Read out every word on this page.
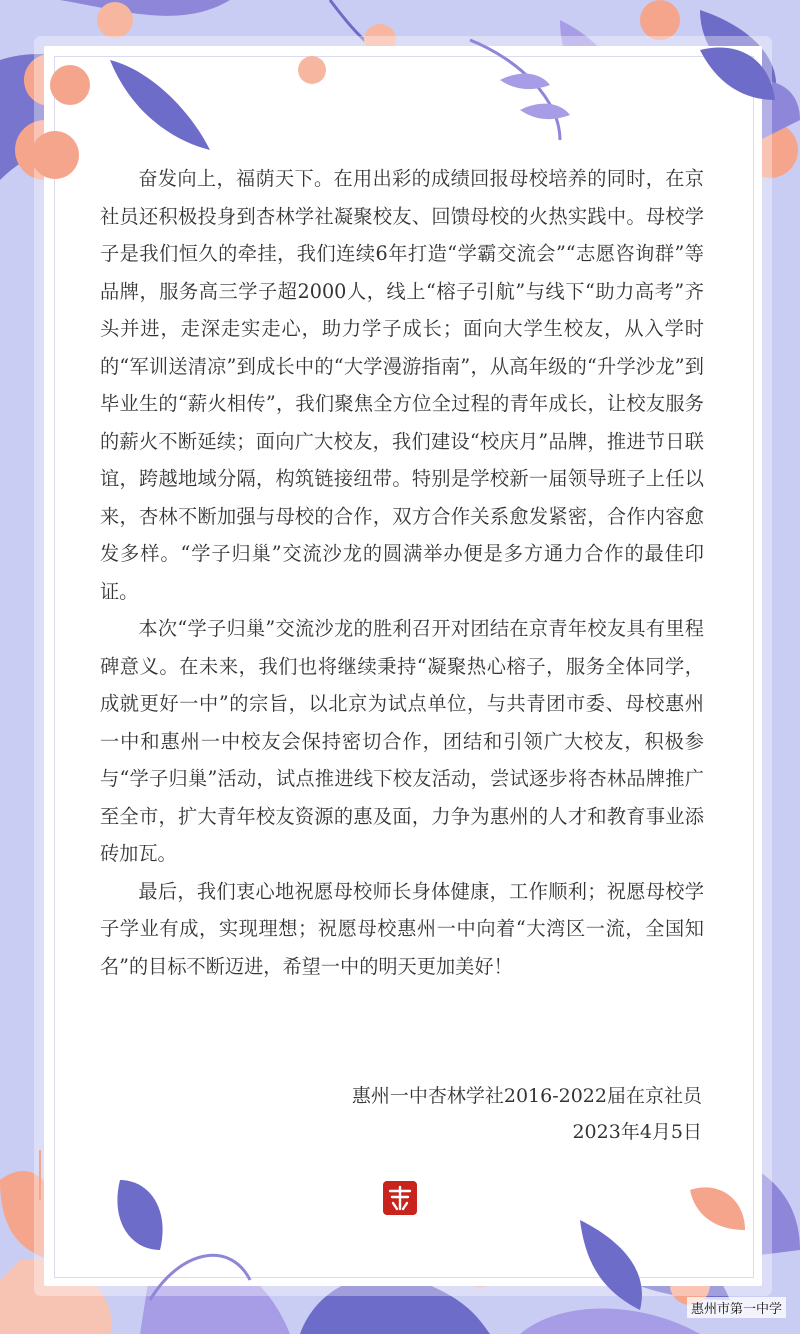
奋发向上，福荫天下。在用出彩的成绩回报母校培养的同时，在京社员还积极投身到杏林学社凝聚校友、回馈母校的火热实践中。母校学子是我们恒久的牵挂，我们连续6年打造“学霸交流会”“志愿咨询群”等品牌，服务高三学子超2000人，线上“榕子引航”与线下“助力高考”齐头并进，走深走实走心，助力学子成长；面向大学生校友，从入学时的“军训送清凉”到成长中的“大学漫游指南”，从高年级的“升学沙龙”到毕业生的“薪火相传”，我们聚焦全方位全过程的青年成长，让校友服务的薪火不断延续；面向广大校友，我们建设“校庆月”品牌，推进节日联谊，跨越地域分隔，构筑链接纽带。特别是学校新一届领导班子上任以来，杏林不断加强与母校的合作，双方合作关系愈发紧密，合作内容愈发多样。“学子归巢”交流沙龙的圆满举办便是多方通力合作的最佳印证。

本次“学子归巢”交流沙龙的胜利召开对团结在京青年校友具有里程碑意义。在未来，我们也将继续秉持“凝聚热心榕子，服务全体同学，成就更好一中”的宗旨，以北京为试点单位，与共青团市委、母校惠州一中和惠州一中校友会保持密切合作，团结和引领广大校友，积极参与“学子归巢”活动，试点推进线下校友活动，尝试逐步将杏林品牌推广至全市，扩大青年校友资源的惠及面，力争为惠州的人才和教育事业添砖加瓦。

最后，我们衷心地祝愿母校师长身体健康，工作顺利；祝愿母校学子学业有成，实现理想；祝愿母校惠州一中向着“大湾区一流，全国知名”的目标不断迈进，希望一中的明天更加美好！

惠州一中杏林学社2016-2022届在京社员
2023年4月5日
惠州市第一中学
